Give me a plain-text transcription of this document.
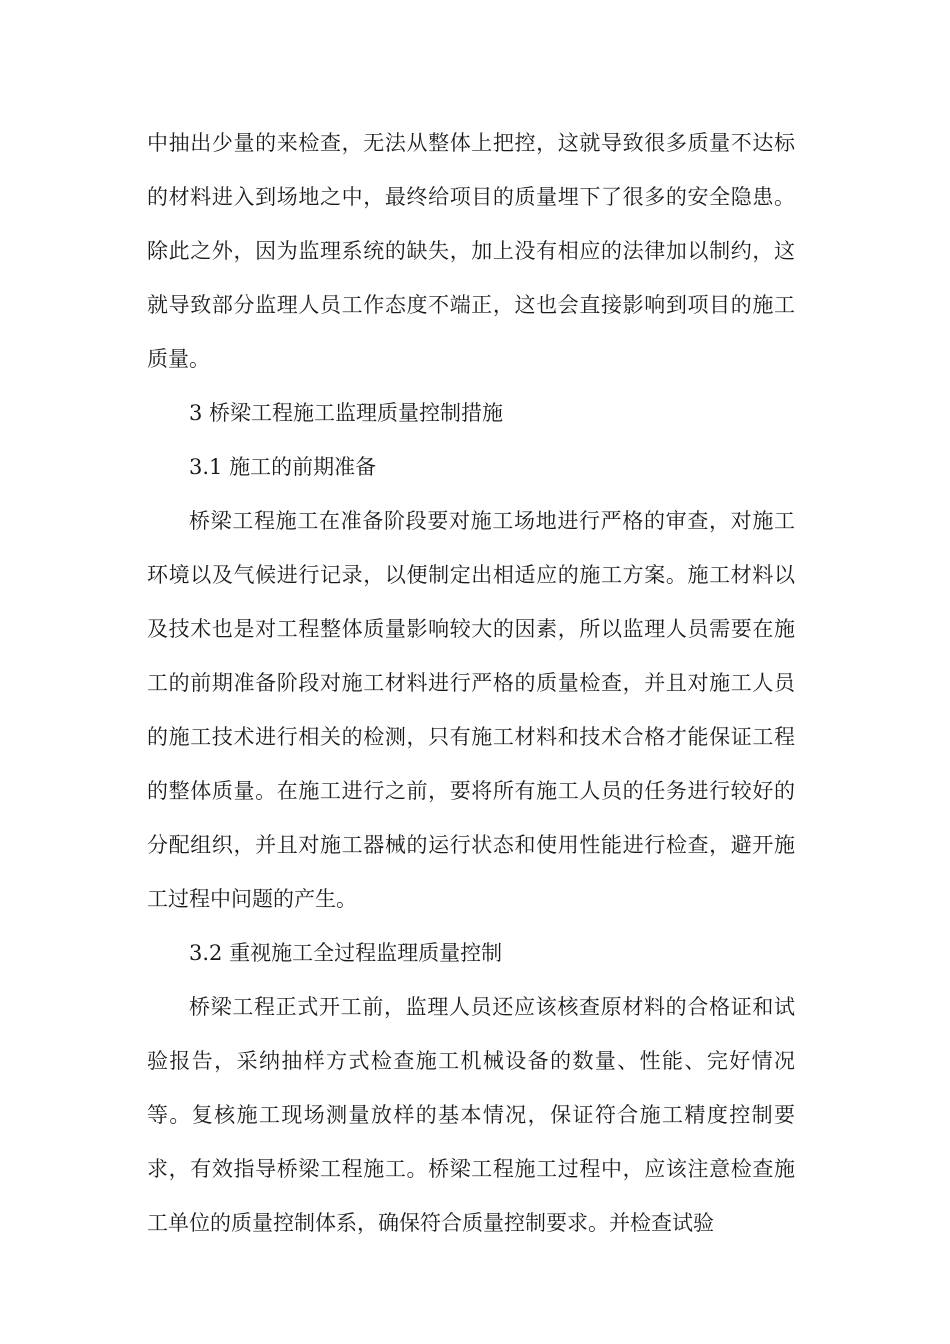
中抽出少量的来检查，无法从整体上把控，这就导致很多质量不达标的材料进入到场地之中，最终给项目的质量埋下了很多的安全隐患。除此之外，因为监理系统的缺失，加上没有相应的法律加以制约，这就导致部分监理人员工作态度不端正，这也会直接影响到项目的施工质量。

3 桥梁工程施工监理质量控制措施

3.1 施工的前期准备

桥梁工程施工在准备阶段要对施工场地进行严格的审查，对施工环境以及气候进行记录，以便制定出相适应的施工方案。施工材料以及技术也是对工程整体质量影响较大的因素，所以监理人员需要在施工的前期准备阶段对施工材料进行严格的质量检查，并且对施工人员的施工技术进行相关的检测，只有施工材料和技术合格才能保证工程的整体质量。在施工进行之前，要将所有施工人员的任务进行较好的分配组织，并且对施工器械的运行状态和使用性能进行检查，避开施工过程中问题的产生。

3.2 重视施工全过程监理质量控制

桥梁工程正式开工前，监理人员还应该核查原材料的合格证和试验报告，采纳抽样方式检查施工机械设备的数量、性能、完好情况等。复核施工现场测量放样的基本情况，保证符合施工精度控制要求，有效指导桥梁工程施工。桥梁工程施工过程中，应该注意检查施工单位的质量控制体系，确保符合质量控制要求。并检查试验
